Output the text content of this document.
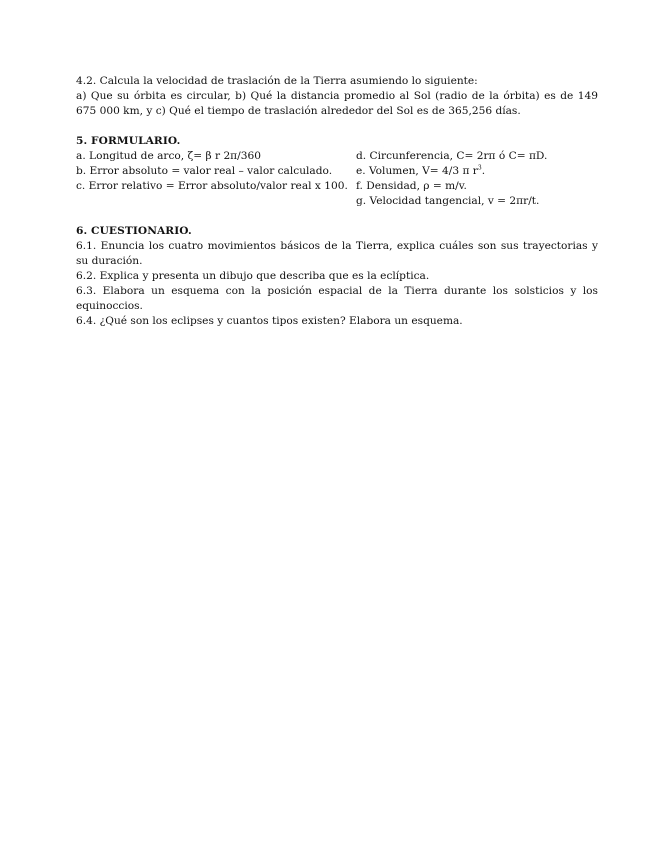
4.2. Calcula la velocidad de traslación de la Tierra asumiendo lo siguiente:

a) Que su órbita es circular, b) Qué la distancia promedio al Sol (radio de la órbita) es de 149 675 000 km, y c) Qué el tiempo de traslación alrededor del Sol es de 365,256 días.

5. FORMULARIO.

a. Longitud de arco, ζ= β r 2π/360

b. Error absoluto = valor real – valor calculado.

c. Error relativo = Error absoluto/valor real x 100.

d. Circunferencia, C= 2rπ ó C= πD.

e. Volumen, V= 4/3 π $r^3$.

f. Densidad, ρ = m/v.

g. Velocidad tangencial, v = 2πr/t.

6. CUESTIONARIO.

6.1. Enuncia los cuatro movimientos básicos de la Tierra, explica cuáles son sus trayectorias y su duración.

6.2. Explica y presenta un dibujo que describa que es la eclíptica.

6.3. Elabora un esquema con la posición espacial de la Tierra durante los solsticios y los equinoccios.

6.4. ¿Qué son los eclipses y cuantos tipos existen? Elabora un esquema.
